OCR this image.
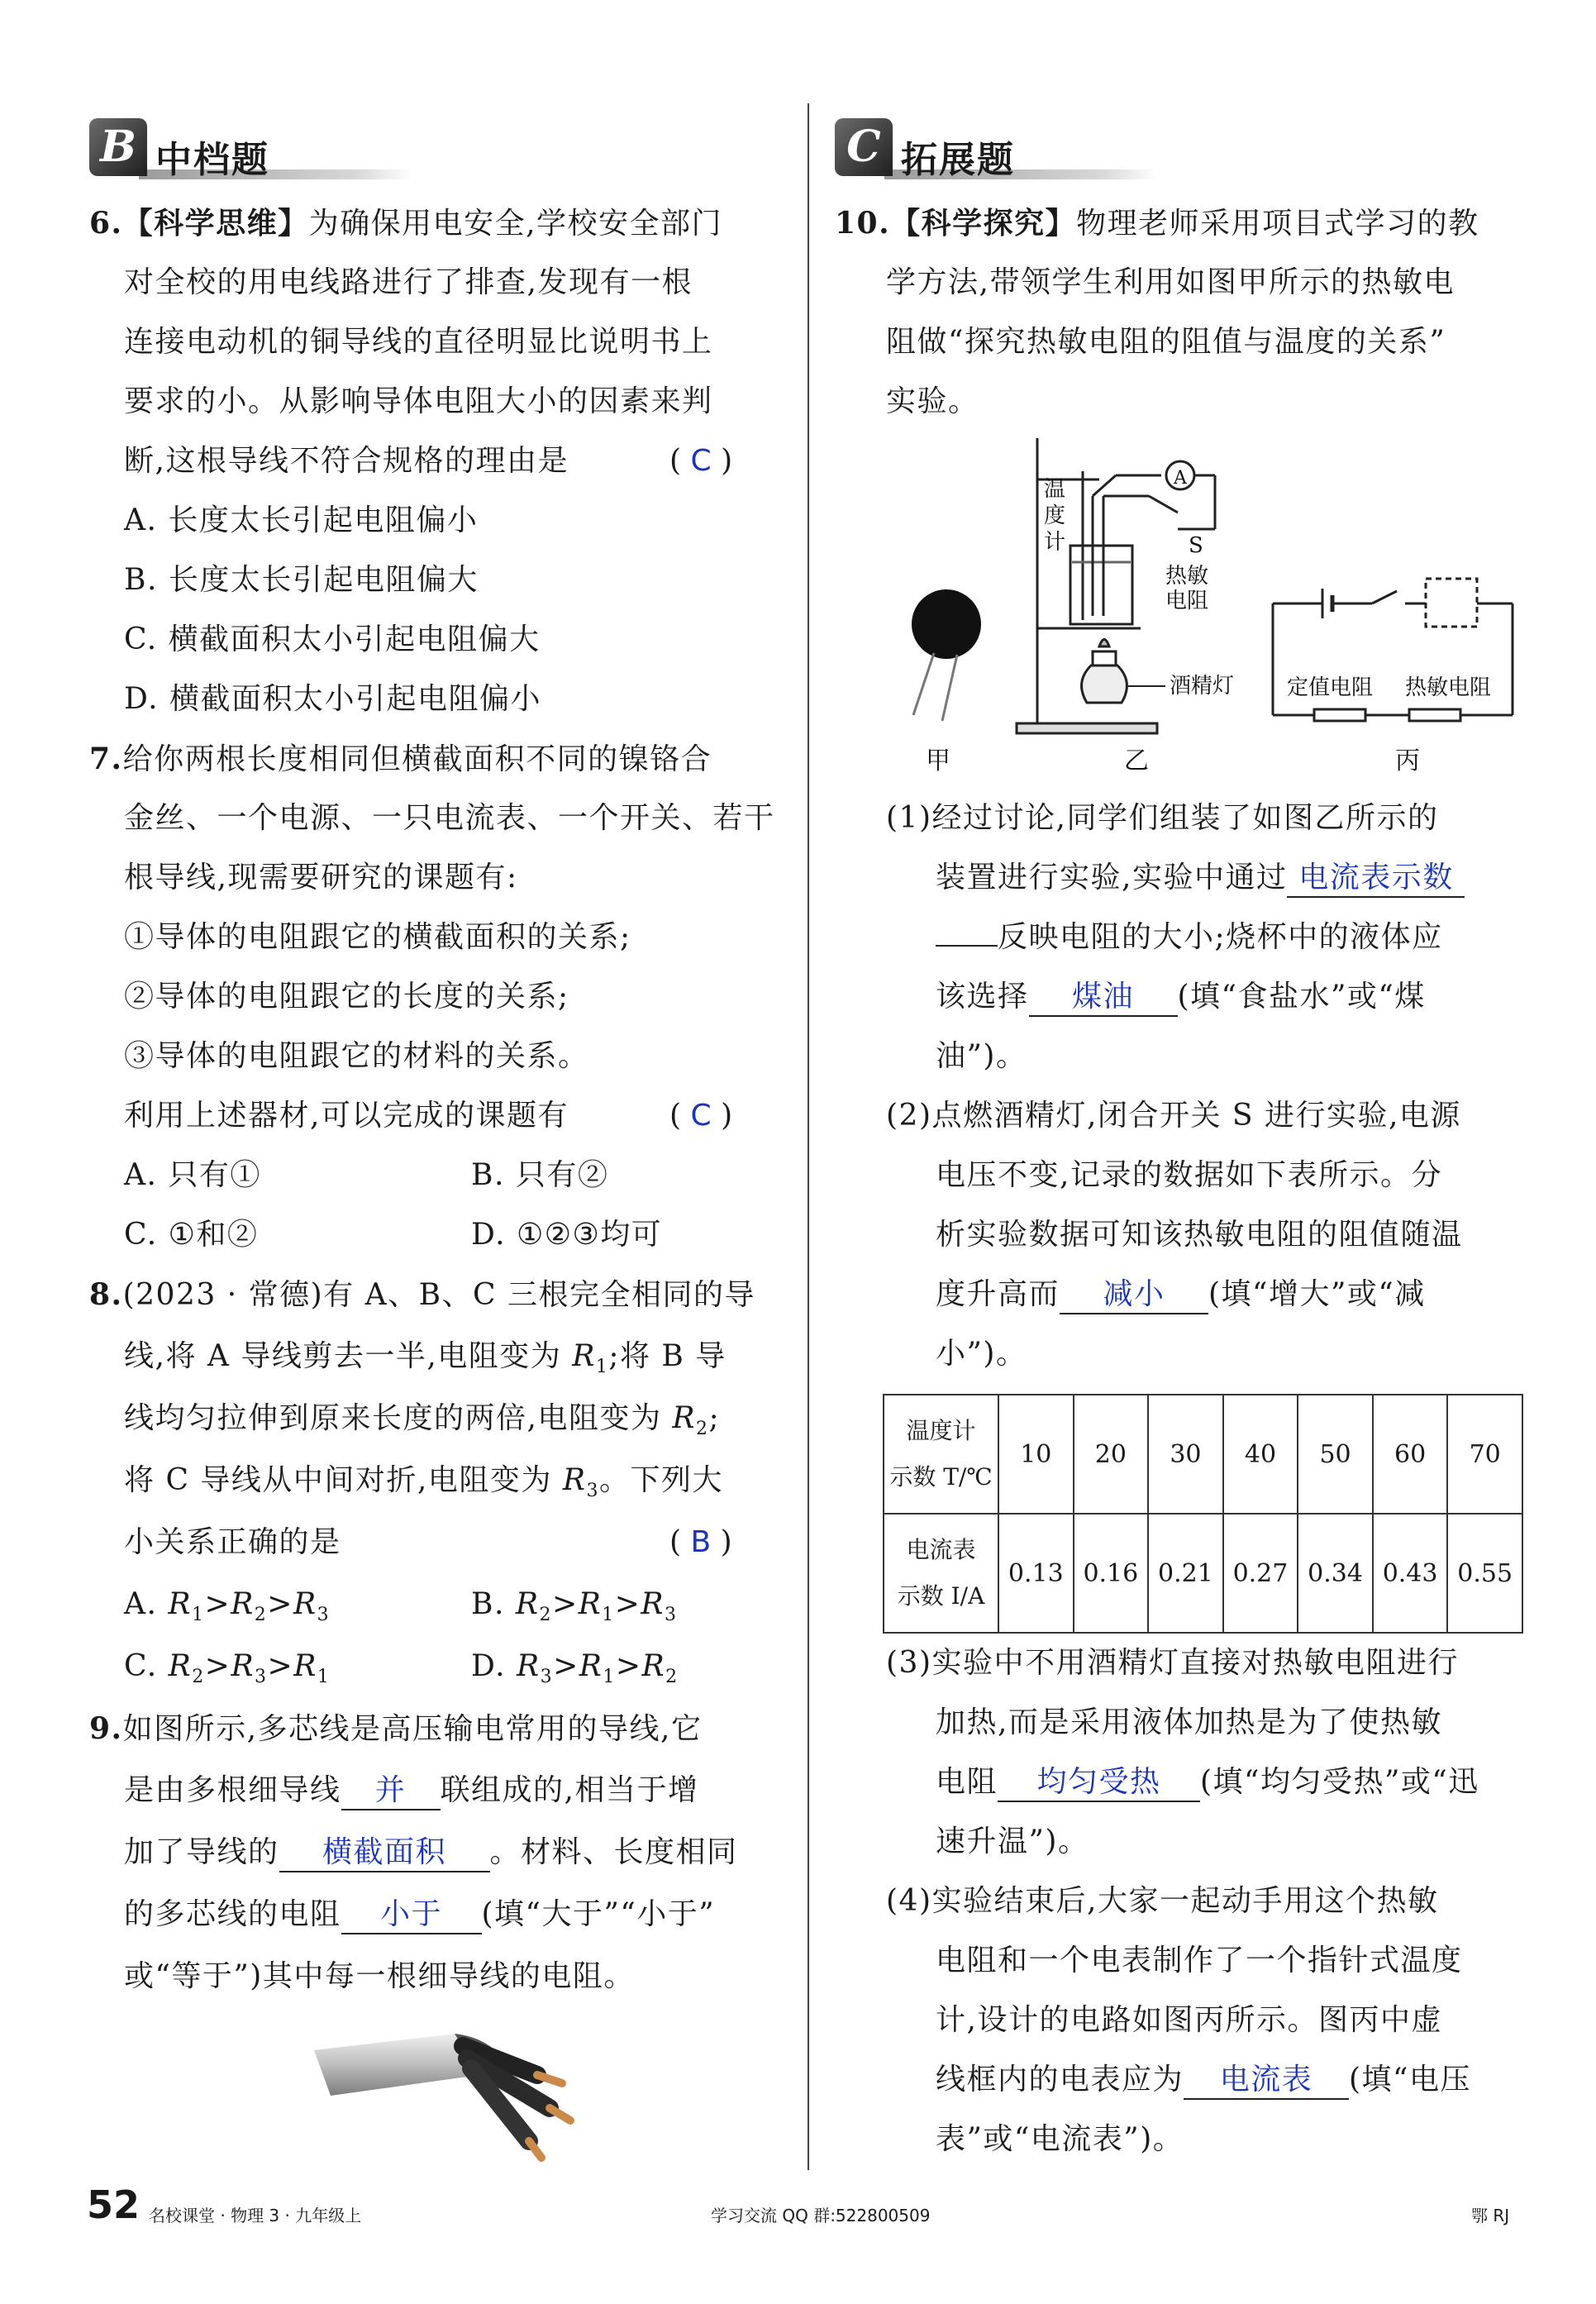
B 中档题
6.【科学思维】为确保用电安全,学校安全部门
对全校的用电线路进行了排查,发现有一根
连接电动机的铜导线的直径明显比说明书上
要求的小。从影响导体电阻大小的因素来判
断,这根导线不符合规格的理由是	( C )
A. 长度太长引起电阻偏小
B. 长度太长引起电阻偏大
C. 横截面积太小引起电阻偏大
D. 横截面积太小引起电阻偏小
7.给你两根长度相同但横截面积不同的镍铬合
金丝、一个电源、一只电流表、一个开关、若干
根导线,现需要研究的课题有:
①导体的电阻跟它的横截面积的关系;
②导体的电阻跟它的长度的关系;
③导体的电阻跟它的材料的关系。
利用上述器材,可以完成的课题有	( C )
A. 只有①	B. 只有②
C. ①和②	D. ①②③均可
8.(2023 · 常德)有 A、B、C 三根完全相同的导
线,将 A 导线剪去一半,电阻变为 $R_1$;将 B 导
线均匀拉伸到原来长度的两倍,电阻变为 $R_2$;
将 C 导线从中间对折,电阻变为 $R_3$。下列大
小关系正确的是	( B )
A. $R_1>R_2>R_3$	B. $R_2>R_1>R_3$
C. $R_2>R_3>R_1$	D. $R_3>R_1>R_2$
9.如图所示,多芯线是高压输电常用的导线,它
是由多根细导线 并 联组成的,相当于增
加了导线的 横截面积 。材料、长度相同
的多芯线的电阻 小于 (填“大于”“小于”
或“等于”)其中每一根细导线的电阻。
C 拓展题
10.【科学探究】物理老师采用项目式学习的教
学方法,带领学生利用如图甲所示的热敏电
阻做“探究热敏电阻的阻值与温度的关系”
实验。
甲
A
S
温
度
计
热敏
电阻
酒精灯
乙
定值电阻 热敏电阻
丙
(1)经过讨论,同学们组装了如图乙所示的
装置进行实验,实验中通过 电流表示数
反映电阻的大小;烧杯中的液体应
该选择 煤油 (填“食盐水”或“煤
油”)。
(2)点燃酒精灯,闭合开关 S 进行实验,电源
电压不变,记录的数据如下表所示。分
析实验数据可知该热敏电阻的阻值随温
度升高而 减小 (填“增大”或“减
小”)。
温度计
示数 T/℃	10	20	30	40	50	60	70
电流表
示数 I/A	0.13	0.16	0.21	0.27	0.34	0.43	0.55
(3)实验中不用酒精灯直接对热敏电阻进行
加热,而是采用液体加热是为了使热敏
电阻 均匀受热 (填“均匀受热”或“迅
速升温”)。
(4)实验结束后,大家一起动手用这个热敏
电阻和一个电表制作了一个指针式温度
计,设计的电路如图丙所示。图丙中虚
线框内的电表应为 电流表 (填“电压
表”或“电流表”)。
52 名校课堂 · 物理 3 · 九年级上	学习交流 QQ 群:522800509	鄂 RJ
